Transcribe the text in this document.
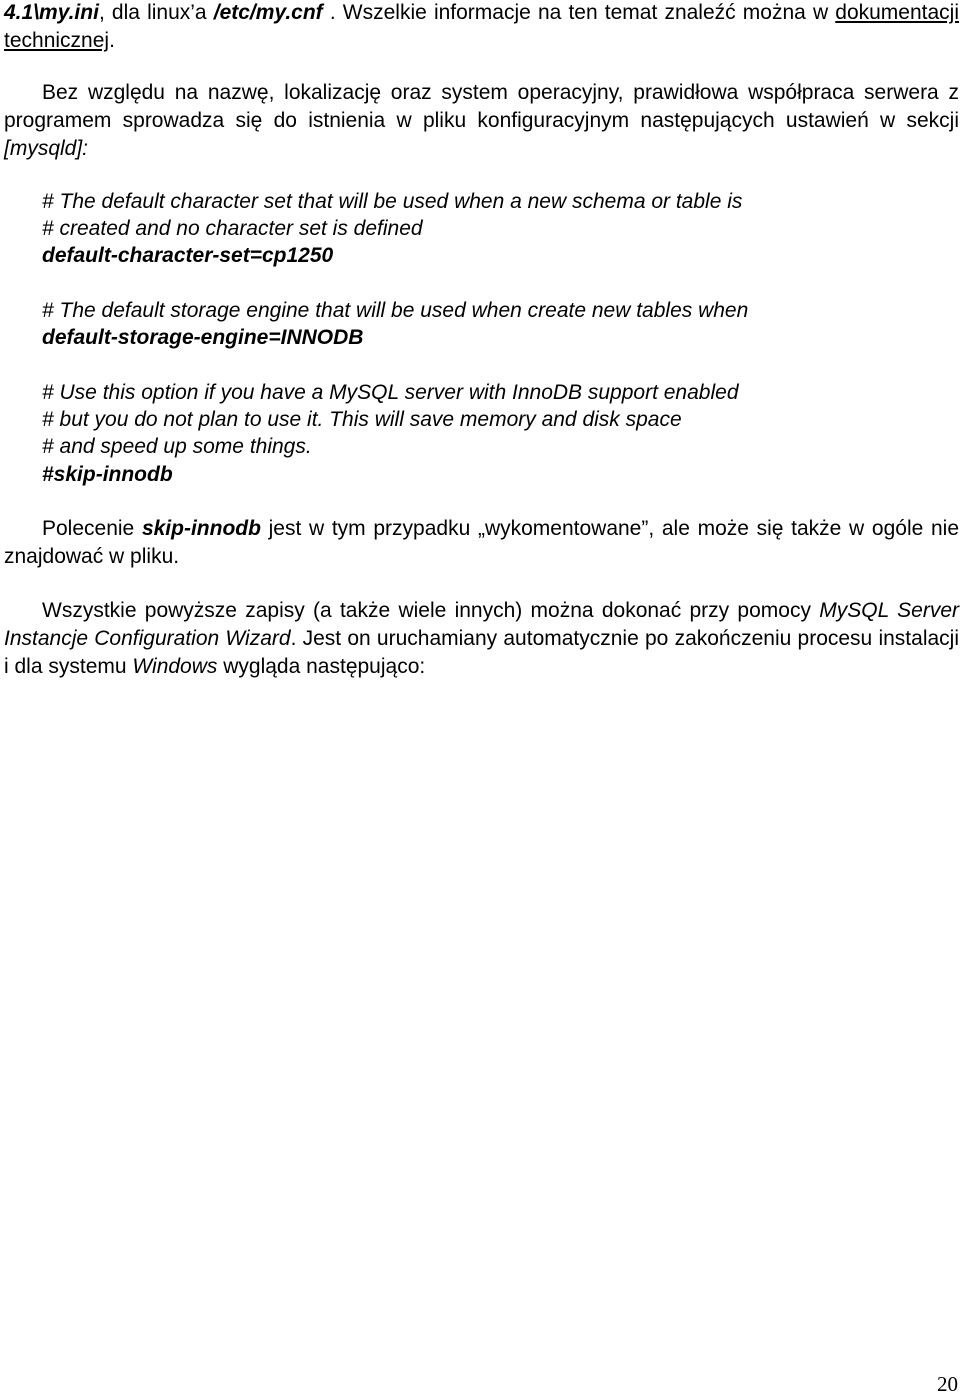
4.1\my.ini, dla linux’a /etc/my.cnf . Wszelkie informacje na ten temat znaleźć można w dokumentacji technicznej.

Bez względu na nazwę, lokalizację oraz system operacyjny, prawidłowa współpraca serwera z programem sprowadza się do istnienia w pliku konfiguracyjnym następujących ustawień w sekcji [mysqld]:

# The default character set that will be used when a new schema or table is
# created and no character set is defined
default-character-set=cp1250
# The default storage engine that will be used when create new tables when
default-storage-engine=INNODB
# Use this option if you have a MySQL server with InnoDB support enabled
# but you do not plan to use it. This will save memory and disk space
# and speed up some things.
#skip-innodb

Polecenie skip-innodb jest w tym przypadku „wykomentowane”, ale może się także w ogóle nie znajdować w pliku.

Wszystkie powyższe zapisy (a także wiele innych) można dokonać przy pomocy MySQL Server Instancje Configuration Wizard. Jest on uruchamiany automatycznie po zakończeniu procesu instalacji i dla systemu Windows wygląda następująco:

20
